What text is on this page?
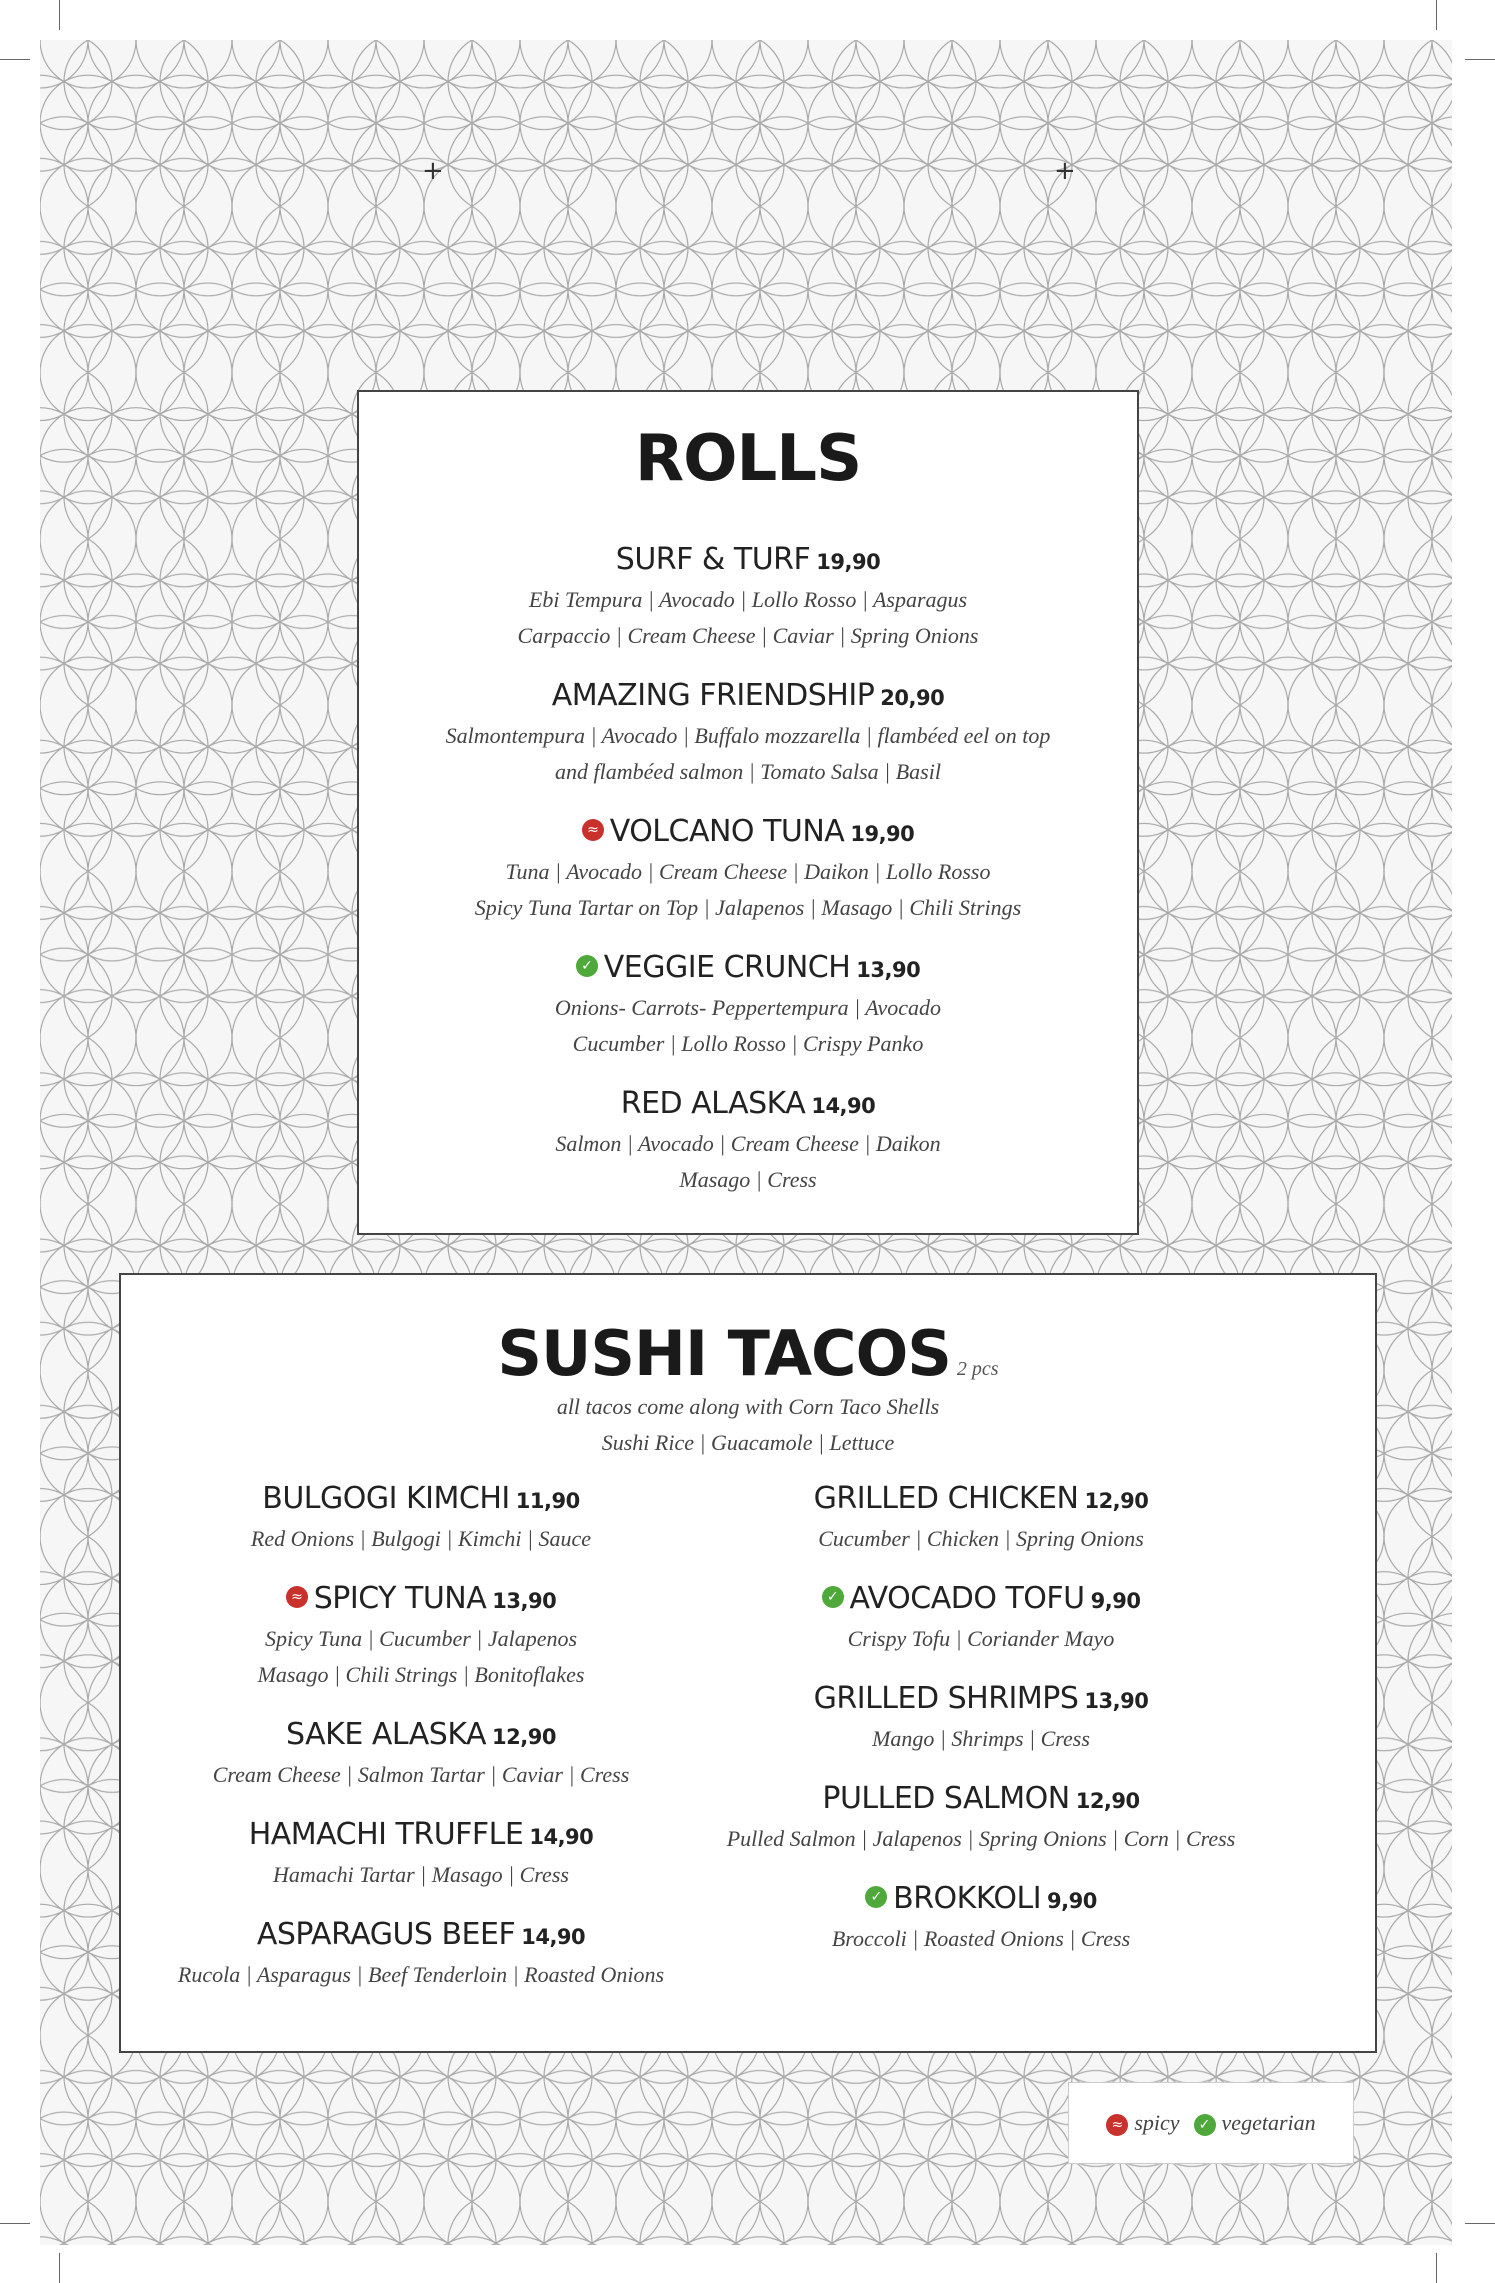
+	+
ROLLS
SURF & TURF 19,90
Ebi Tempura | Avocado | Lollo Rosso | Asparagus
Carpaccio | Cream Cheese | Caviar | Spring Onions
AMAZING FRIENDSHIP 20,90
Salmontempura | Avocado | Buffalo mozzarella | flambéed eel on top
and flambéed salmon | Tomato Salsa | Basil
≈ VOLCANO TUNA 19,90
Tuna | Avocado | Cream Cheese | Daikon | Lollo Rosso
Spicy Tuna Tartar on Top | Jalapenos | Masago | Chili Strings
✓ VEGGIE CRUNCH 13,90
Onions- Carrots- Peppertempura | Avocado
Cucumber | Lollo Rosso | Crispy Panko
RED ALASKA 14,90
Salmon | Avocado | Cream Cheese | Daikon
Masago | Cress
SUSHI TACOS 2 pcs
all tacos come along with Corn Taco Shells
Sushi Rice | Guacamole | Lettuce
BULGOGI KIMCHI 11,90
Red Onions | Bulgogi | Kimchi | Sauce
≈ SPICY TUNA 13,90
Spicy Tuna | Cucumber | Jalapenos
Masago | Chili Strings | Bonitoflakes
SAKE ALASKA 12,90
Cream Cheese | Salmon Tartar | Caviar | Cress
HAMACHI TRUFFLE 14,90
Hamachi Tartar | Masago | Cress
ASPARAGUS BEEF 14,90
Rucola | Asparagus | Beef Tenderloin | Roasted Onions
GRILLED CHICKEN 12,90
Cucumber | Chicken | Spring Onions
✓ AVOCADO TOFU 9,90
Crispy Tofu | Coriander Mayo
GRILLED SHRIMPS 13,90
Mango | Shrimps | Cress
PULLED SALMON 12,90
Pulled Salmon | Jalapenos | Spring Onions | Corn | Cress
✓ BROKKOLI 9,90
Broccoli | Roasted Onions | Cress
≈ spicy	✓ vegetarian
